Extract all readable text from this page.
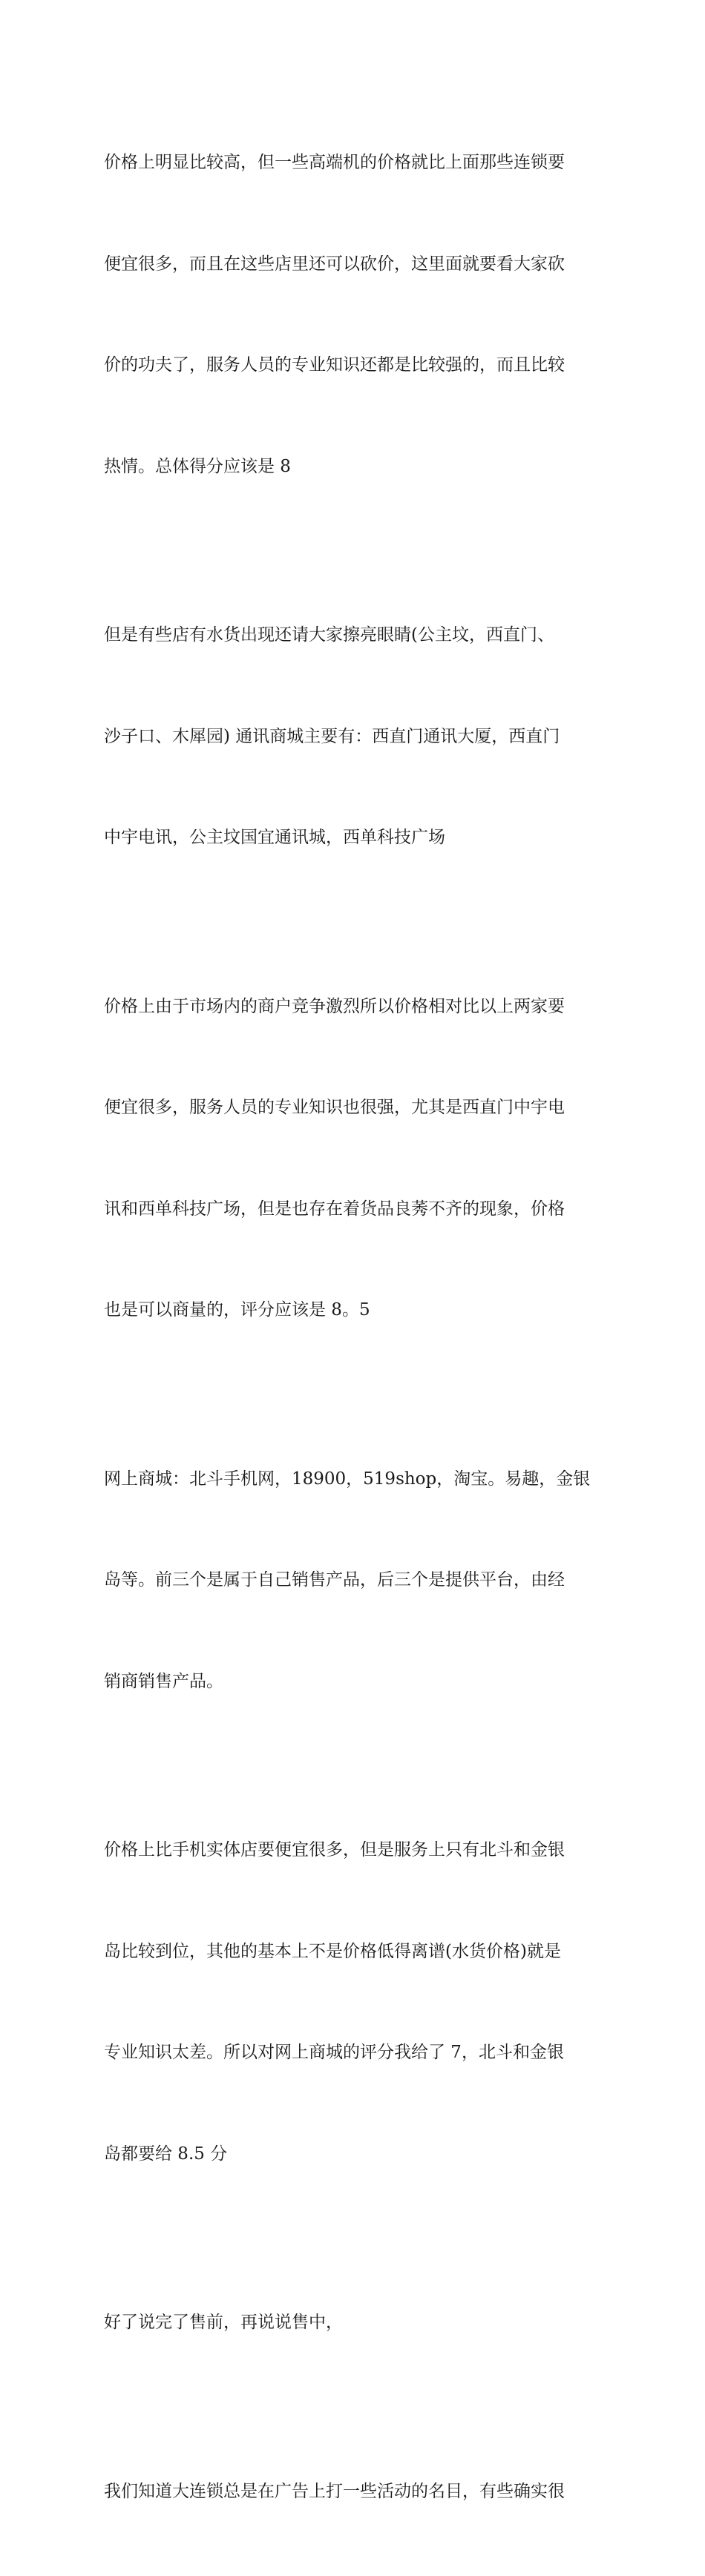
价格上明显比较高，但一些高端机的价格就比上面那些连锁要

便宜很多，而且在这些店里还可以砍价，这里面就要看大家砍

价的功夫了，服务人员的专业知识还都是比较强的，而且比较

热情。总体得分应该是 8

但是有些店有水货出现还请大家擦亮眼睛(公主坟，西直门、

沙子口、木犀园) 通讯商城主要有：西直门通讯大厦，西直门

中宇电讯，公主坟国宜通讯城，西单科技广场

价格上由于市场内的商户竞争激烈所以价格相对比以上两家要

便宜很多，服务人员的专业知识也很强，尤其是西直门中宇电

讯和西单科技广场，但是也存在着货品良莠不齐的现象，价格

也是可以商量的，评分应该是 8。5

网上商城：北斗手机网，18900，519shop，淘宝。易趣，金银

岛等。前三个是属于自己销售产品，后三个是提供平台，由经

销商销售产品。

价格上比手机实体店要便宜很多，但是服务上只有北斗和金银

岛比较到位，其他的基本上不是价格低得离谱(水货价格)就是

专业知识太差。所以对网上商城的评分我给了 7，北斗和金银

岛都要给 8.5 分

好了说完了售前，再说说售中，

我们知道大连锁总是在广告上打一些活动的名目，有些确实很
